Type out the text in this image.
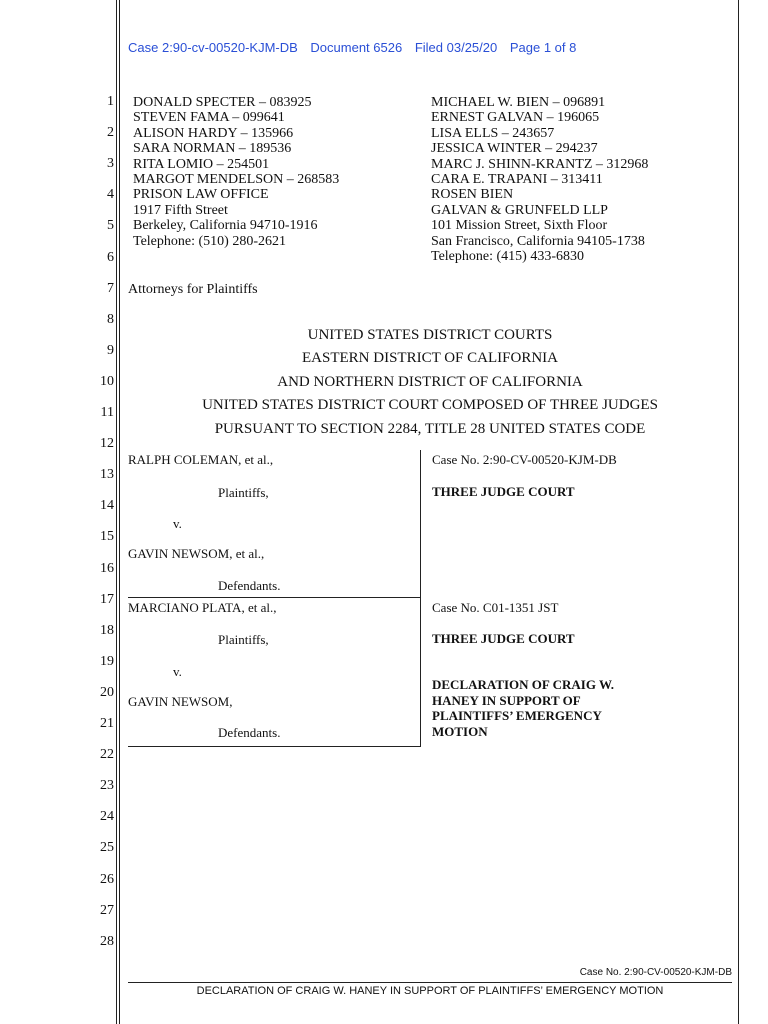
Case 2:90-cv-00520-KJM-DB Document 6526 Filed 03/25/20 Page 1 of 8
1
2
3
4
5
6
7
8
9
10
11
12
13
14
15
16
17
18
19
20
21
22
23
24
25
26
27
28
DONALD SPECTER – 083925
STEVEN FAMA – 099641
ALISON HARDY – 135966
SARA NORMAN – 189536
RITA LOMIO – 254501
MARGOT MENDELSON – 268583
PRISON LAW OFFICE
1917 Fifth Street
Berkeley, California 94710-1916
Telephone: (510) 280-2621
MICHAEL W. BIEN – 096891
ERNEST GALVAN – 196065
LISA ELLS – 243657
JESSICA WINTER – 294237
MARC J. SHINN-KRANTZ – 312968
CARA E. TRAPANI – 313411
ROSEN BIEN
GALVAN & GRUNFELD LLP
101 Mission Street, Sixth Floor
San Francisco, California 94105-1738
Telephone: (415) 433-6830
Attorneys for Plaintiffs
UNITED STATES DISTRICT COURTS
EASTERN DISTRICT OF CALIFORNIA
AND NORTHERN DISTRICT OF CALIFORNIA
UNITED STATES DISTRICT COURT COMPOSED OF THREE JUDGES
PURSUANT TO SECTION 2284, TITLE 28 UNITED STATES CODE
RALPH COLEMAN, et al.,
Plaintiffs,
v.
GAVIN NEWSOM, et al.,
Defendants.
Case No. 2:90-CV-00520-KJM-DB
THREE JUDGE COURT
MARCIANO PLATA, et al.,
Plaintiffs,
v.
GAVIN NEWSOM,
Defendants.
Case No. C01-1351 JST
THREE JUDGE COURT
DECLARATION OF CRAIG W.
HANEY IN SUPPORT OF
PLAINTIFFS’ EMERGENCY
MOTION
Case No. 2:90-CV-00520-KJM-DB
DECLARATION OF CRAIG W. HANEY IN SUPPORT OF PLAINTIFFS’ EMERGENCY MOTION
